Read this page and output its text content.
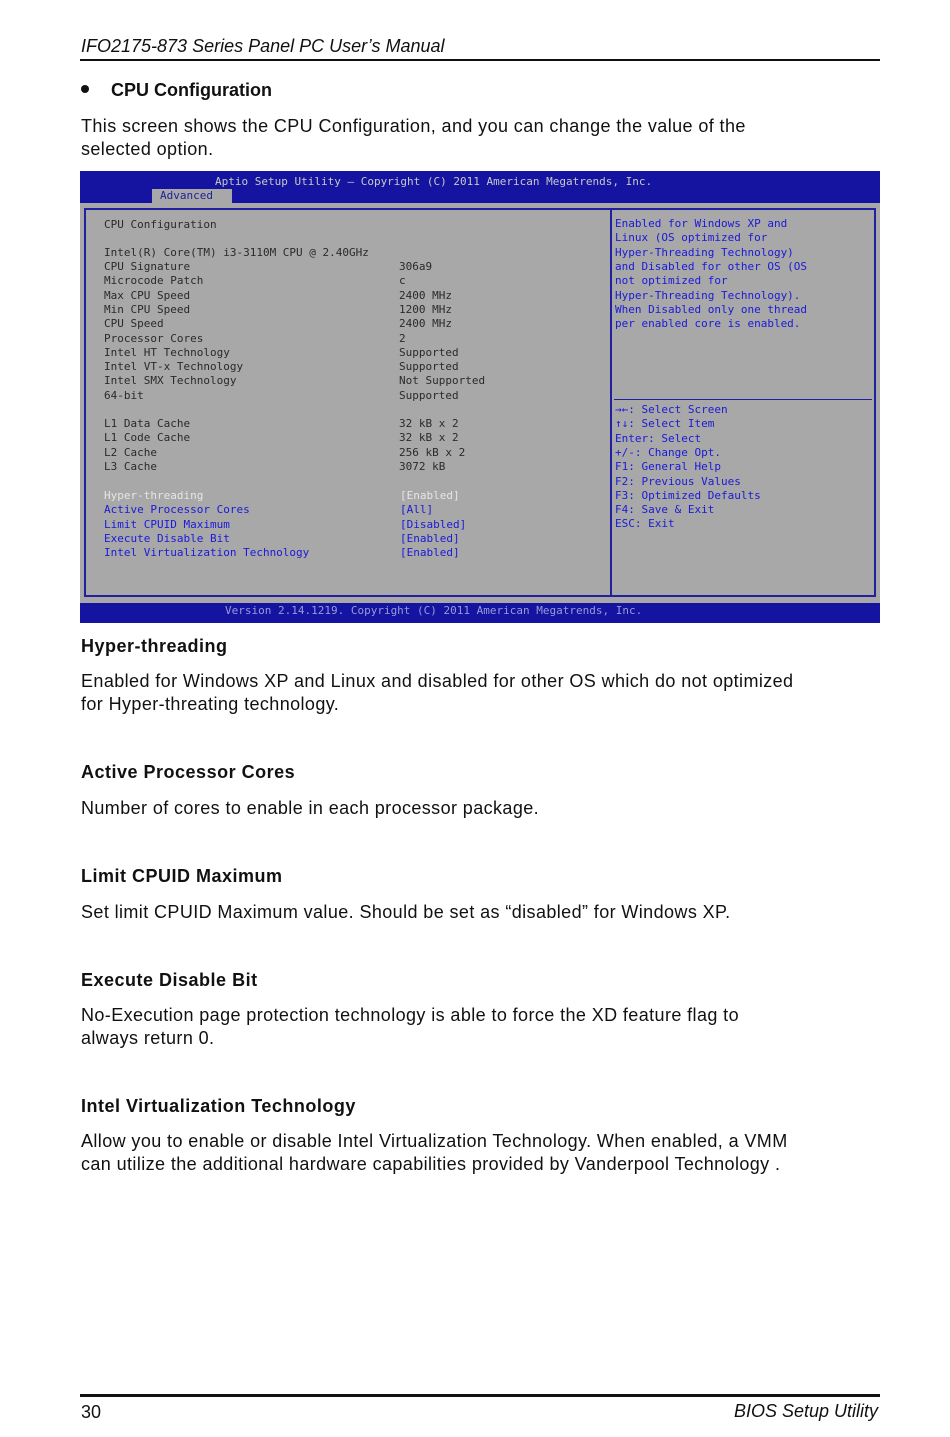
IFO2175-873 Series Panel PC User’s Manual
CPU Configuration
This screen shows the CPU Configuration, and you can change the value of the
selected option.
Aptio Setup Utility – Copyright (C) 2011 American Megatrends, Inc.
Advanced
CPU Configuration
Intel(R) Core(TM) i3-3110M CPU @ 2.40GHz
CPU Signature	306a9
Microcode Patch	c
Max CPU Speed	2400 MHz
Min CPU Speed	1200 MHz
CPU Speed	2400 MHz
Processor Cores	2
Intel HT Technology	Supported
Intel VT-x Technology	Supported
Intel SMX Technology	Not Supported
64-bit	Supported
L1 Data Cache	32 kB x 2
L1 Code Cache	32 kB x 2
L2 Cache	256 kB x 2
L3 Cache	3072 kB
Hyper-threading	[Enabled]
Active Processor Cores	[All]
Limit CPUID Maximum	[Disabled]
Execute Disable Bit	[Enabled]
Intel Virtualization Technology	[Enabled]
Enabled for Windows XP and
Linux (OS optimized for
Hyper-Threading Technology)
and Disabled for other OS (OS
not optimized for
Hyper-Threading Technology).
When Disabled only one thread
per enabled core is enabled.
→←: Select Screen
↑↓: Select Item
Enter: Select
+/-: Change Opt.
F1: General Help
F2: Previous Values
F3: Optimized Defaults
F4: Save & Exit
ESC: Exit
Version 2.14.1219. Copyright (C) 2011 American Megatrends, Inc.
Hyper-threading
Enabled for Windows XP and Linux and disabled for other OS which do not optimized
for Hyper-threating technology.
Active Processor Cores
Number of cores to enable in each processor package.
Limit CPUID Maximum
Set limit CPUID Maximum value. Should be set as “disabled” for Windows XP.
Execute Disable Bit
No-Execution page protection technology is able to force the XD feature flag to
always return 0.
Intel Virtualization Technology
Allow you to enable or disable Intel Virtualization Technology. When enabled, a VMM
can utilize the additional hardware capabilities provided by Vanderpool Technology .
30	BIOS Setup Utility
